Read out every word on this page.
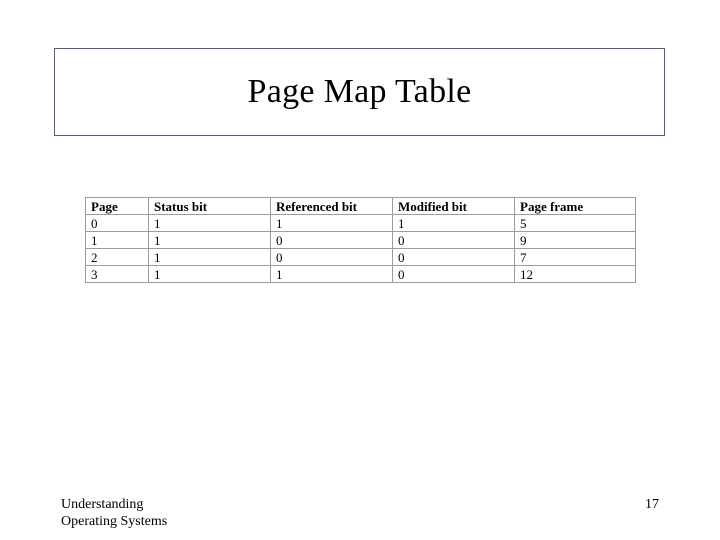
Page Map Table
Page	Status bit	Referenced bit	Modified bit	Page frame
0	1	1	1	5
1	1	0	0	9
2	1	0	0	7
3	1	1	0	12
Understanding
Operating Systems
17
